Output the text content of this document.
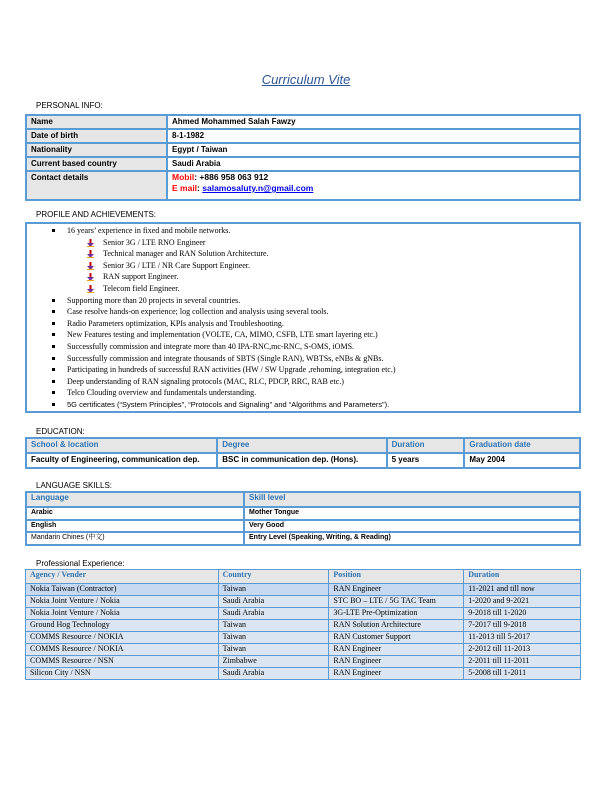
Curriculum Vite
PERSONAL INFO:
Name	Ahmed Mohammed Salah Fawzy
Date of birth	8-1-1982
Nationality	Egypt / Taiwan
Current based country	Saudi Arabia
Contact details	Mobil: +886 958 063 912
E mail: salamosaluty.n@gmail.com
PROFILE AND ACHIEVEMENTS:
16 years’ experience in fixed and mobile networks.
Senior 3G / LTE RNO Engineer
Technical manager and RAN Solution Architecture.
Senior 3G / LTE / NR Care Support Engineer.
RAN support Engineer.
Telecom field Engineer.
Supporting more than 20 projects in several countries.
Case resolve hands-on experience; log collection and analysis using several tools.
Radio Parameters optimization, KPIs analysis and Troubleshooting.
New Features testing and implementation (VOLTE, CA, MIMO, CSFB, LTE smart layering etc.)
Successfully commission and integrate more than 40 IPA-RNC,mc-RNC, S-OMS, iOMS.
Successfully commission and integrate thousands of SBTS (Single RAN), WBTSs, eNBs & gNBs.
Participating in hundreds of successful RAN activities (HW / SW Upgrade ,rehoming, integration etc.)
Deep understanding of RAN signaling protocols (MAC, RLC, PDCP, RRC, RAB etc.)
Telco Clouding overview and fundamentals understanding.
5G certificates (“System Principles”, “Protocols and Signaling” and “Algorithms and Parameters”).
EDUCATION:
School & location	Degree	Duration	Graduation date
Faculty of Engineering, communication dep.	BSC in communication dep. (Hons).	5 years	May 2004
LANGUAGE SKILLS:
Language	Skill level
Arabic	Mother Tongue
English	Very Good
Mandarin Chines (中文)	Entry Level (Speaking, Writing, & Reading)
Professional Experience:
Agency / Vender	Country	Position	Duration
Nokia Taiwan (Contractor)	Taiwan	RAN Engineer	11-2021 and till now
Nokia Joint Venture / Nokia	Saudi Arabia	STC BO – LTE / 5G TAC Team	1-2020 and 9-2021
Nokia Joint Venture / Nokia	Saudi Arabia	3G-LTE Pre-Optimization	9-2018 till 1-2020
Ground Hog Technology	Taiwan	RAN Solution Architecture	7-2017 till 9-2018
COMMS Resource / NOKIA	Taiwan	RAN Customer Support	11-2013 till 5-2017
COMMS Resource / NOKIA	Taiwan	RAN Engineer	2-2012 till 11-2013
COMMS Resource / NSN	Zimbabwe	RAN Engineer	2-2011 till 11-2011
Silicon City / NSN	Saudi Arabia	RAN Engineer	5-2008 till 1-2011
